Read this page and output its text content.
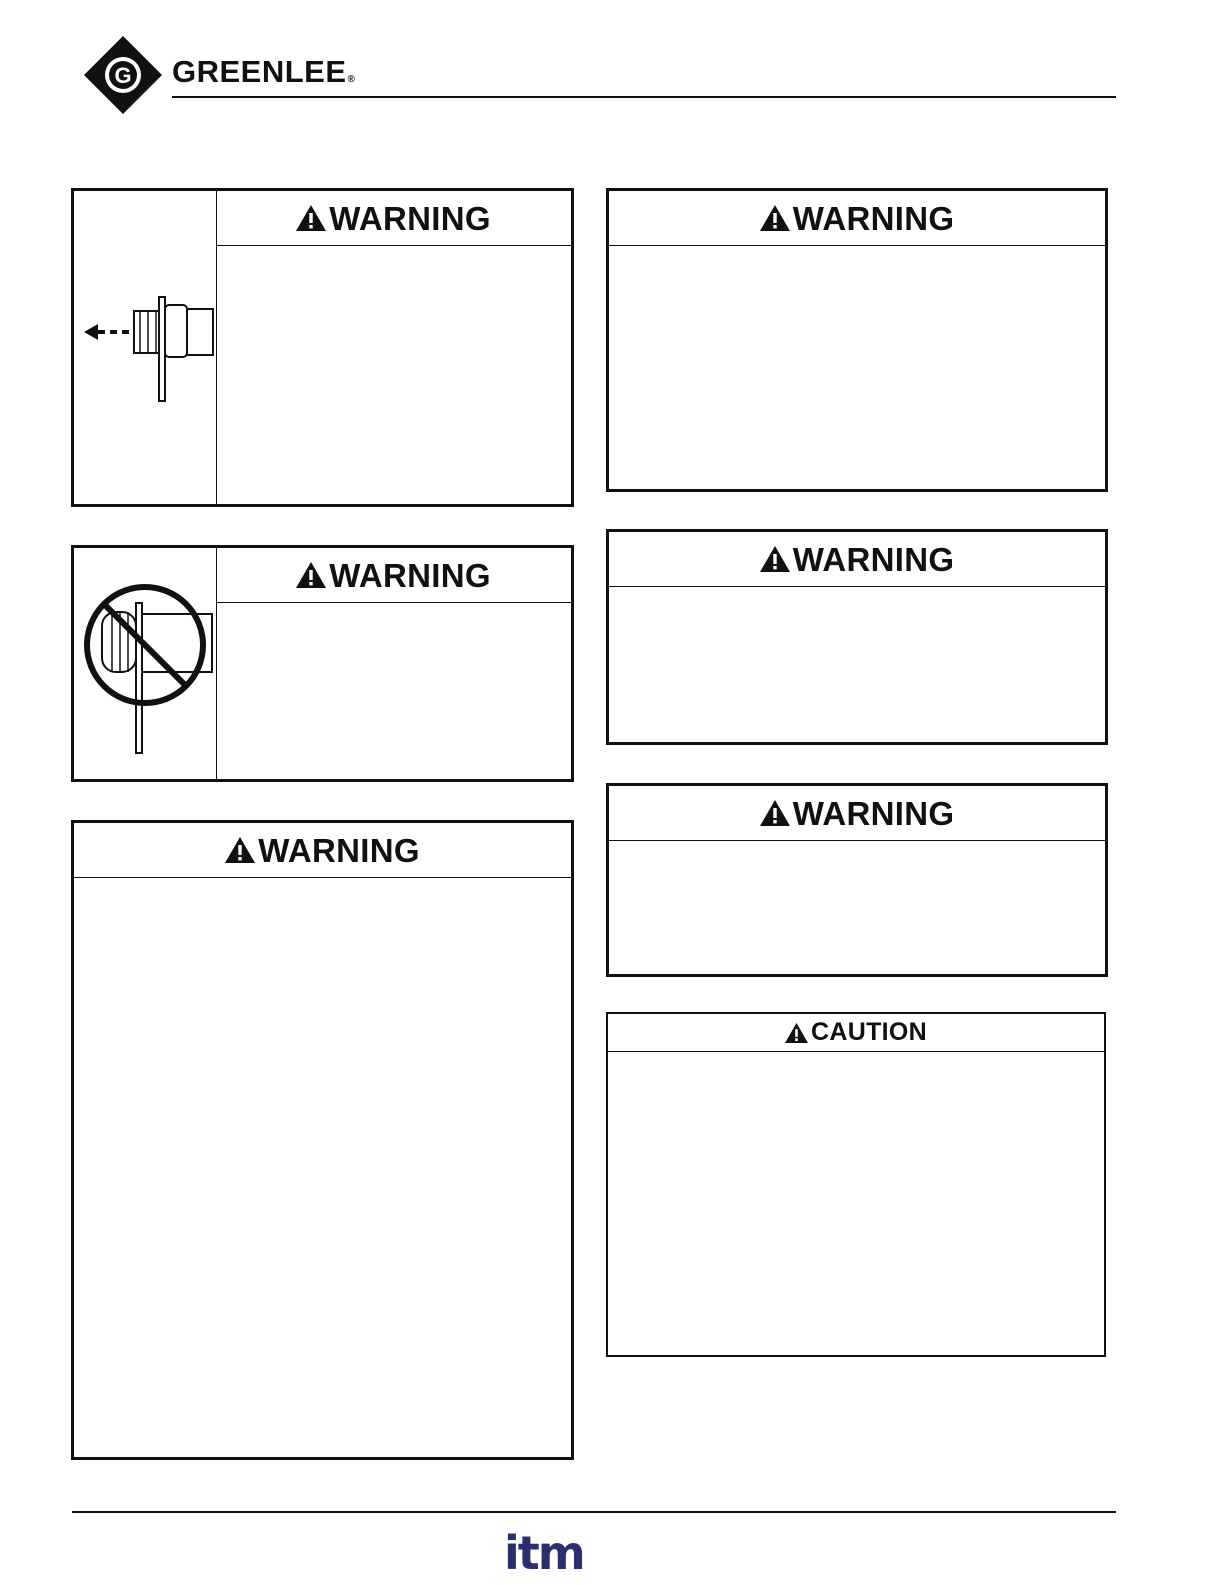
G GREENLEE®
WARNING
WARNING
WARNING
WARNING
WARNING
WARNING
CAUTION
itm
